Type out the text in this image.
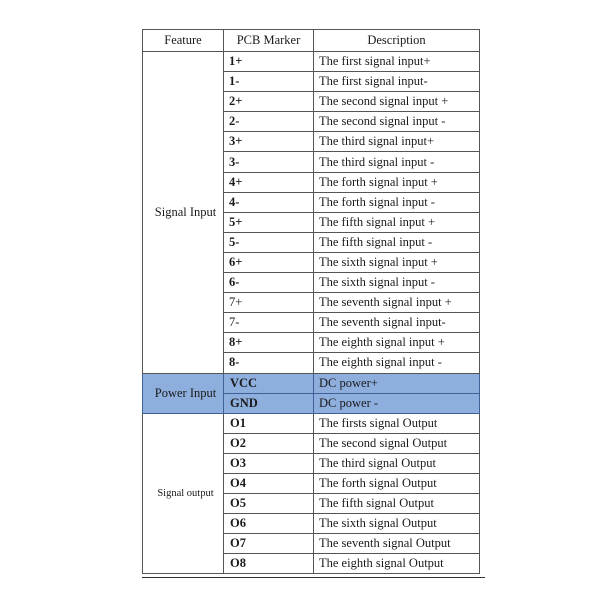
Feature	PCB Marker	Description
Signal Input	1+	The first signal input+
	1-	The first signal input-
	2+	The second signal input +
	2-	The second signal input -
	3+	The third signal input+
	3-	The third signal input -
	4+	The forth signal input +
	4-	The forth signal input -
	5+	The fifth signal input +
	5-	The fifth signal input -
	6+	The sixth signal input +
	6-	The sixth signal input -
	7+	The seventh signal input +
	7-	The seventh signal input-
	8+	The eighth signal input +
	8-	The eighth signal input -
Power Input	VCC	DC power+
	GND	DC power -
Signal output	O1	The firsts signal Output
	O2	The second signal Output
	O3	The third signal Output
	O4	The forth signal Output
	O5	The fifth signal Output
	O6	The sixth signal Output
	O7	The seventh signal Output
	O8	The eighth signal Output
